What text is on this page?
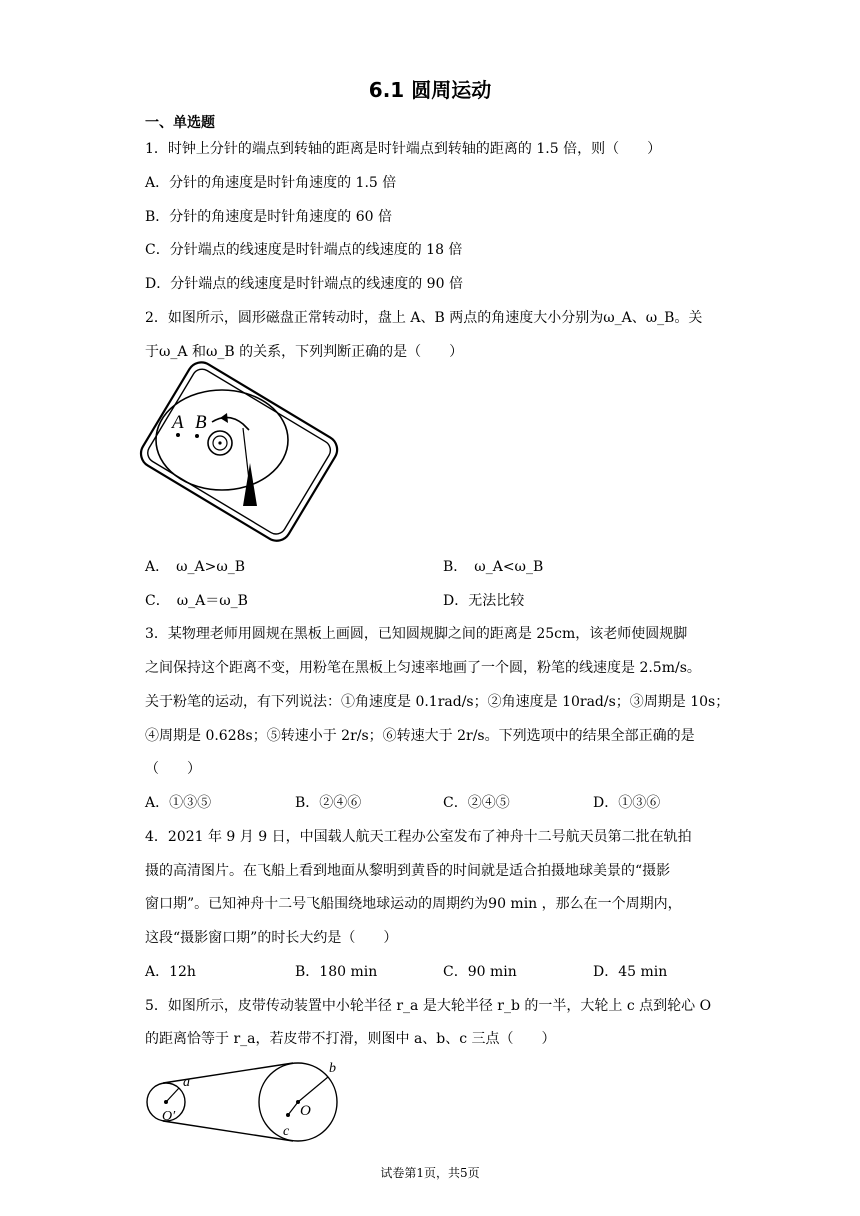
6.1 圆周运动
一、单选题
1．时钟上分针的端点到转轴的距离是时针端点到转轴的距离的 1.5 倍，则（　　）
A．分针的角速度是时针角速度的 1.5 倍
B．分针的角速度是时针角速度的 60 倍
C．分针端点的线速度是时针端点的线速度的 18 倍
D．分针端点的线速度是时针端点的线速度的 90 倍
2．如图所示，圆形磁盘正常转动时，盘上 A、B 两点的角速度大小分别为ω_A、ω_B。关
于ω_A 和ω_B 的关系，下列判断正确的是（　　）
A B
A．　ω_A>ω_B	B．　ω_A<ω_B
C．　ω_A＝ω_B	D．无法比较
3．某物理老师用圆规在黑板上画圆，已知圆规脚之间的距离是 25cm，该老师使圆规脚
之间保持这个距离不变，用粉笔在黑板上匀速率地画了一个圆，粉笔的线速度是 2.5m/s。
关于粉笔的运动，有下列说法：①角速度是 0.1rad/s；②角速度是 10rad/s；③周期是 10s；
④周期是 0.628s；⑤转速小于 2r/s；⑥转速大于 2r/s。下列选项中的结果全部正确的是
（　　）
A．①③⑤	B．②④⑥	C．②④⑤	D．①③⑥
4．2021 年 9 月 9 日，中国载人航天工程办公室发布了神舟十二号航天员第二批在轨拍
摄的高清图片。在飞船上看到地面从黎明到黄昏的时间就是适合拍摄地球美景的“摄影
窗口期”。已知神舟十二号飞船围绕地球运动的周期约为90 min ，那么在一个周期内，
这段“摄影窗口期”的时长大约是（　　）
A．12h	B．180 min	C．90 min	D．45 min
5．如图所示，皮带传动装置中小轮半径 r_a 是大轮半径 r_b 的一半，大轮上 c 点到轮心 O
的距离恰等于 r_a，若皮带不打滑，则图中 a、b、c 三点（　　）
a
b
O′	O
c
试卷第1页，共5页
